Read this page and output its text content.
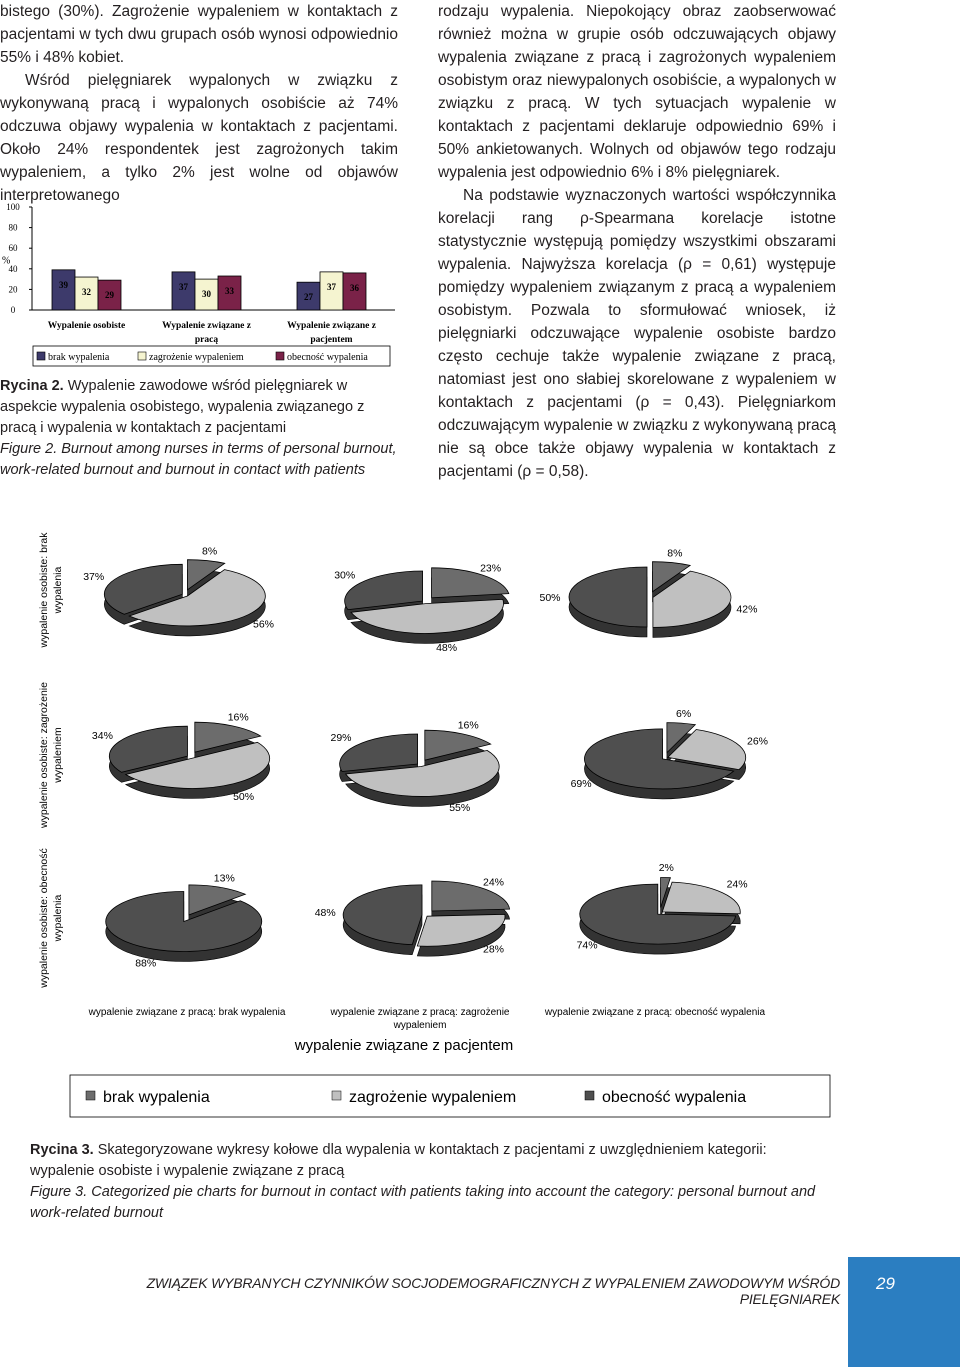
bistego (30%). Zagrożenie wypaleniem w kontaktach z pacjentami w tych dwu grupach osób wynosi odpowiednio 55% i 48% kobiet.

Wśród pielęgniarek wypalonych w związku z wykonywaną pracą i wypalonych osobiście aż 74% odczuwa objawy wypalenia w kontaktach z pacjentami. Około 24% respondentek jest zagrożonych takim wypaleniem, a tylko 2% jest wolne od objawów interpretowanego

0
20
40
60
80
100
%
39
32 29
Wypalenie osobiste
37
30 33
Wypalenie związane z pracą
27
37 36
Wypalenie związane z pacjentem
brak wypalenia	zagrożenie wypaleniem	obecność wypalenia
Rycina 2. Wypalenie zawodowe wśród pielęgniarek w aspekcie wypalenia osobistego, wypalenia związanego z pracą i wypalenia w kontaktach z pacjentami
Figure 2. Burnout among nurses in terms of personal burnout, work-related burnout and burnout in contact with patients

rodzaju wypalenia. Niepokojący obraz zaobserwować również można w grupie osób odczuwających objawy wypalenia związane z pracą i zagrożonych wypaleniem osobistym oraz niewypalonych osobiście, a wypalonych w związku z pracą. W tych sytuacjach wypalenie w kontaktach z pacjentami deklaruje odpowiednio 69% i 50% ankietowanych. Wolnych od objawów tego rodzaju wypalenia jest odpowiednio 6% i 8% pielęgniarek.

Na podstawie wyznaczonych wartości współczynnika korelacji rang ρ-Spearmana korelacje istotne statystycznie występują pomiędzy wszystkimi obszarami wypalenia. Najwyższa korelacja (ρ = 0,61) występuje pomiędzy wypaleniem związanym z pracą a wypaleniem osobistym. Pozwala to sformułować wniosek, iż pielęgniarki odczuwające wypalenie osobiste bardzo często cechuje także wypalenie związane z pracą, natomiast jest ono słabiej skorelowane z wypaleniem w kontaktach z pacjentami (ρ = 0,43). Pielęgniarkom odczuwającym wypalenie w związku z wykonywaną pracą nie są obce także objawy wypalenia w kontaktach z pacjentami (ρ = 0,58).

wypalenie osobiste: brak wypalenia
wypalenie osobiste: zagrożenie wypaleniem
wypalenie osobiste: obecność wypalenia
8%
56%
37%
23%
48%
30%
8%
42%
50%
16%
50%
34%
16%
55%
29%
6%
26%
69%
13%
88%
24%
28%
48%
2%
24%
74%
wypalenie związane z pracą: brak wypalenia	wypalenie związane z pracą: zagrożenie wypaleniem
wypalenie związane z pracą: obecność wypalenia
wypalenie związane z pacjentem
brak wypalenia	zagrożenie wypaleniem	obecność wypalenia
Rycina 3. Skategoryzowane wykresy kołowe dla wypalenia w kontaktach z pacjentami z uwzględnieniem kategorii: wypalenie osobiste i wypalenie związane z pracą
Figure 3. Categorized pie charts for burnout in contact with patients taking into account the category: personal burnout and work-related burnout
ZWIĄZEK WYBRANYCH CZYNNIKÓW SOCJODEMOGRAFICZNYCH Z WYPALENIEM ZAWODOWYM WŚRÓD PIELĘGNIAREK
29
